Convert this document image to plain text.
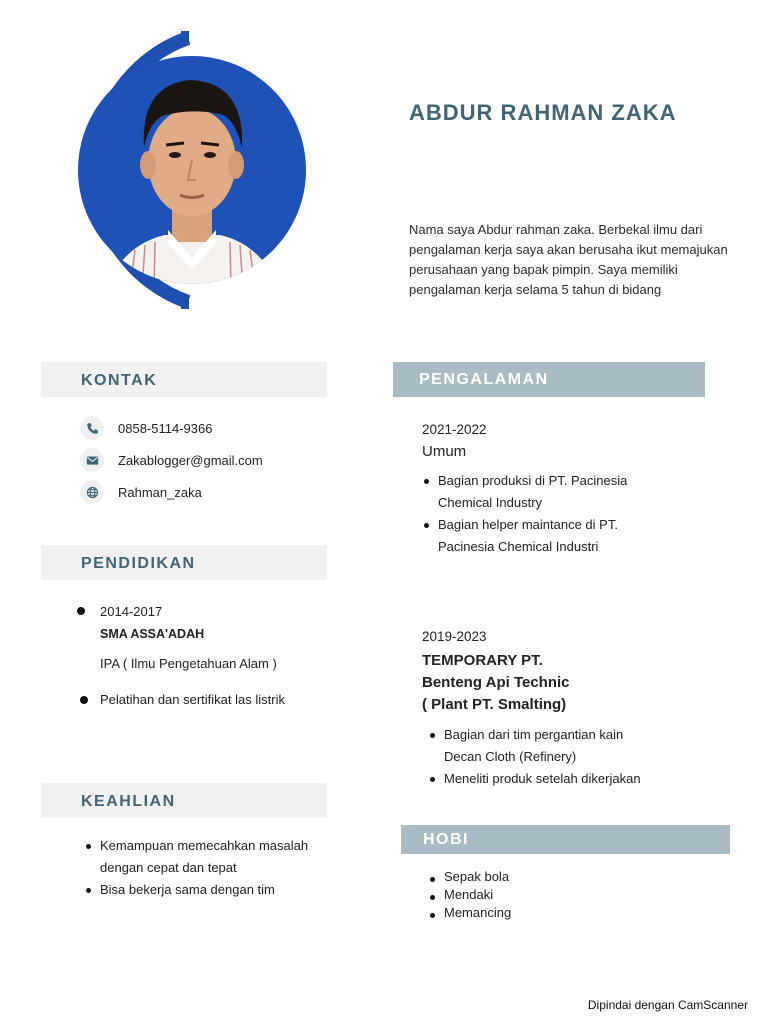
ABDUR RAHMAN ZAKA
Nama saya Abdur rahman zaka. Berbekal ilmu dari pengalaman kerja saya akan berusaha ikut memajukan perusahaan yang bapak pimpin. Saya memiliki pengalaman kerja selama 5 tahun di bidang
KONTAK
0858-5114-9366
Zakablogger@gmail.com
Rahman_zaka
PENDIDIKAN
2014-2017
SMA ASSA'ADAH
IPA ( Ilmu Pengetahuan Alam )
Pelatihan dan sertifikat las listrik
KEAHLIAN
Kemampuan memecahkan masalah dengan cepat dan tepat
Bisa bekerja sama dengan tim
PENGALAMAN
2021-2022
Umum
Bagian produksi di PT. Pacinesia Chemical Industry
Bagian helper maintance di PT. Pacinesia Chemical Industri
2019-2023
TEMPORARY PT.
Benteng Api Technic
( Plant PT. Smalting)
Bagian dari tim pergantian kain Decan Cloth (Refinery)
Meneliti produk setelah dikerjakan
HOBI
Sepak bola
Mendaki
Memancing
Dipindai dengan CamScanner
